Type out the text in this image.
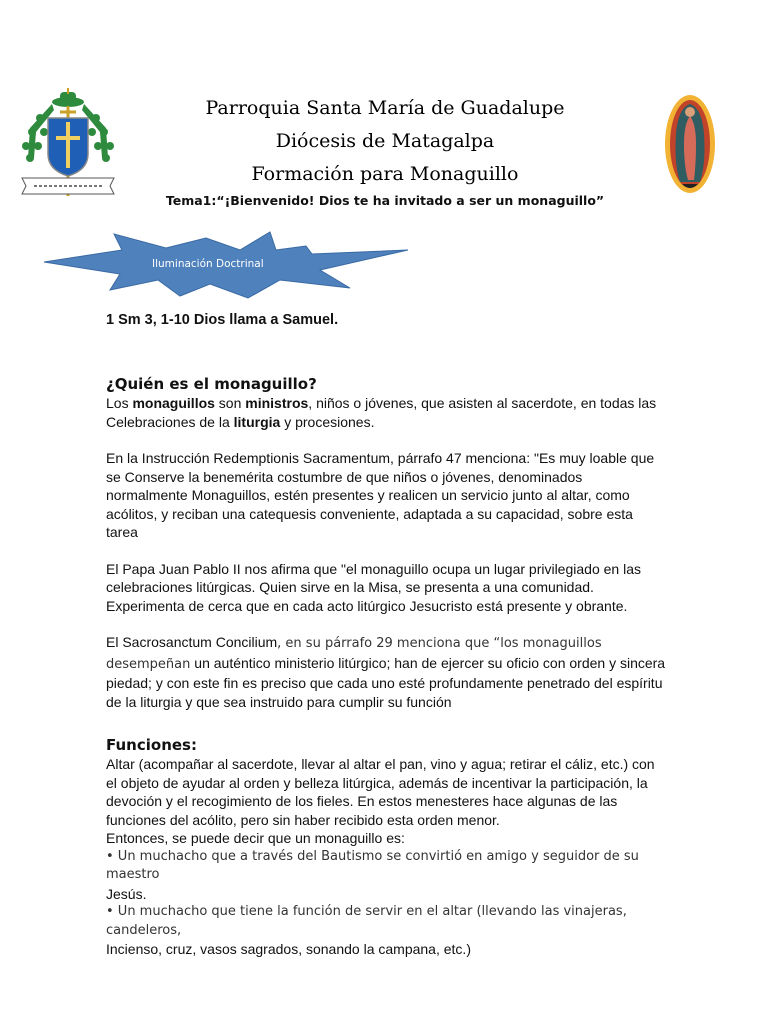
Parroquia Santa María de Guadalupe

Diócesis de Matagalpa

Formación para Monaguillo

Tema1:“¡Bienvenido! Dios te ha invitado a ser un monaguillo”

Iluminación Doctrinal

1 Sm 3, 1-10 Dios llama a Samuel.

¿Quién es el monaguillo?

Los monaguillos son ministros, niños o jóvenes, que asisten al sacerdote, en todas las Celebraciones de la liturgia y procesiones.

En la Instrucción Redemptionis Sacramentum, párrafo 47 menciona: "Es muy loable que se Conserve la benemérita costumbre de que niños o jóvenes, denominados normalmente Monaguillos, estén presentes y realicen un servicio junto al altar, como acólitos, y reciban una catequesis conveniente, adaptada a su capacidad, sobre esta tarea

El Papa Juan Pablo II nos afirma que "el monaguillo ocupa un lugar privilegiado en las celebraciones litúrgicas. Quien sirve en la Misa, se presenta a una comunidad. Experimenta de cerca que en cada acto litúrgico Jesucristo está presente y obrante.

El Sacrosanctum Concilium, en su párrafo 29 menciona que “los monaguillos desempeñan un auténtico ministerio litúrgico; han de ejercer su oficio con orden y sincera piedad; y con este fin es preciso que cada uno esté profundamente penetrado del espíritu de la liturgia y que sea instruido para cumplir su función

Funciones:

Altar (acompañar al sacerdote, llevar al altar el pan, vino y agua; retirar el cáliz, etc.) con el objeto de ayudar al orden y belleza litúrgica, además de incentivar la participación, la devoción y el recogimiento de los fieles. En estos menesteres hace algunas de las funciones del acólito, pero sin haber recibido esta orden menor.

Entonces, se puede decir que un monaguillo es:

• Un muchacho que a través del Bautismo se convirtió en amigo y seguidor de su maestro

Jesús.

• Un muchacho que tiene la función de servir en el altar (llevando las vinajeras, candeleros,

Incienso, cruz, vasos sagrados, sonando la campana, etc.)
